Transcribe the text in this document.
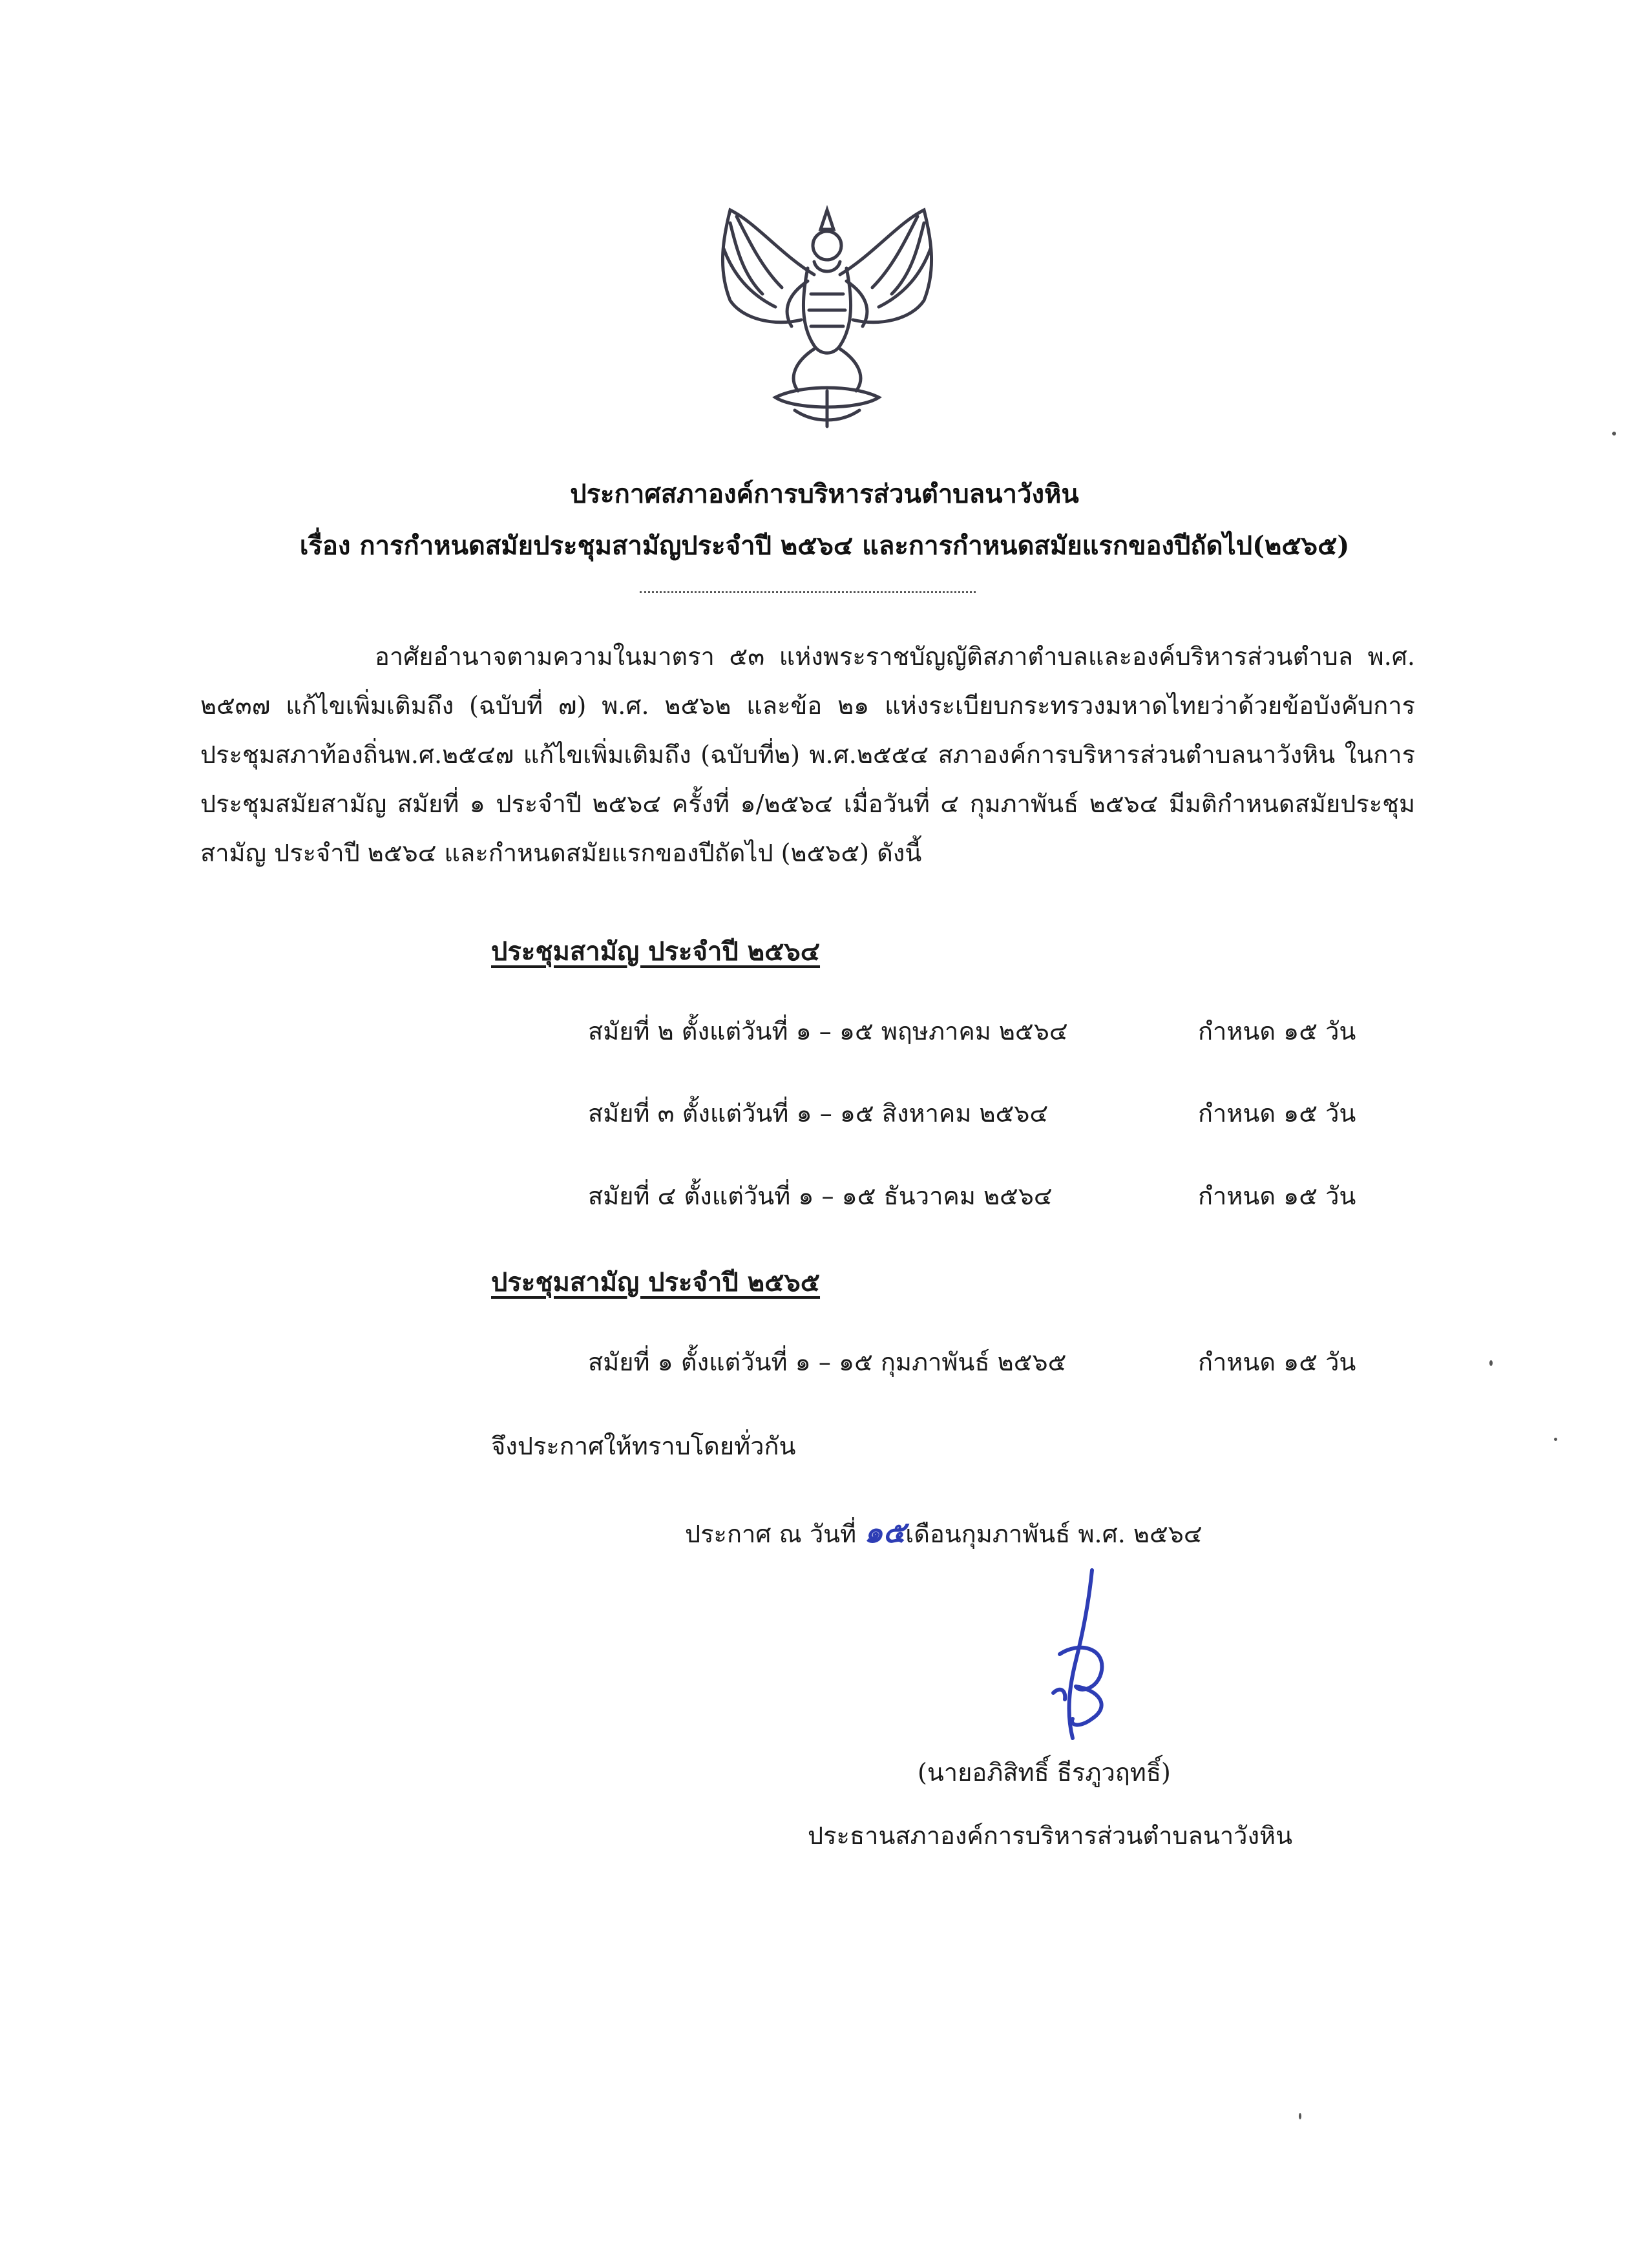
ประกาศสภาองค์การบริหารส่วนตำบลนาวังหิน
เรื่อง การกำหนดสมัยประชุมสามัญประจำปี ๒๕๖๔ และการกำหนดสมัยแรกของปีถัดไป(๒๕๖๕)
อาศัยอำนาจตามความในมาตรา ๕๓ แห่งพระราชบัญญัติสภาตำบลและองค์บริหารส่วนตำบล พ.ศ. ๒๕๓๗ แก้ไขเพิ่มเติมถึง (ฉบับที่ ๗) พ.ศ. ๒๕๖๒ และข้อ ๒๑ แห่งระเบียบกระทรวงมหาดไทยว่าด้วยข้อบังคับการ ประชุมสภาท้องถิ่นพ.ศ.๒๕๔๗ แก้ไขเพิ่มเติมถึง (ฉบับที่๒) พ.ศ.๒๕๕๔ สภาองค์การบริหารส่วนตำบลนาวังหิน ในการประชุมสมัยสามัญ สมัยที่ ๑ ประจำปี ๒๕๖๔ ครั้งที่ ๑/๒๕๖๔ เมื่อวันที่ ๔ กุมภาพันธ์ ๒๕๖๔ มีมติกำหนดสมัยประชุมสามัญ ประจำปี ๒๕๖๔ และกำหนดสมัยแรกของปีถัดไป (๒๕๖๕) ดังนี้
ประชุมสามัญ ประจำปี ๒๕๖๔
สมัยที่ ๒ ตั้งแต่วันที่ ๑ – ๑๕ พฤษภาคม ๒๕๖๔	กำหนด ๑๕ วัน
สมัยที่ ๓ ตั้งแต่วันที่ ๑ – ๑๕ สิงหาคม ๒๕๖๔	กำหนด ๑๕ วัน
สมัยที่ ๔ ตั้งแต่วันที่ ๑ – ๑๕ ธันวาคม ๒๕๖๔	กำหนด ๑๕ วัน
ประชุมสามัญ ประจำปี ๒๕๖๕
สมัยที่ ๑ ตั้งแต่วันที่ ๑ – ๑๕ กุมภาพันธ์ ๒๕๖๕	กำหนด ๑๕ วัน
จึงประกาศให้ทราบโดยทั่วกัน
ประกาศ ณ วันที่ ๑๕เดือนกุมภาพันธ์ พ.ศ. ๒๕๖๔
(นายอภิสิทธิ์ ธีรภูวฤทธิ์)
ประธานสภาองค์การบริหารส่วนตำบลนาวังหิน
